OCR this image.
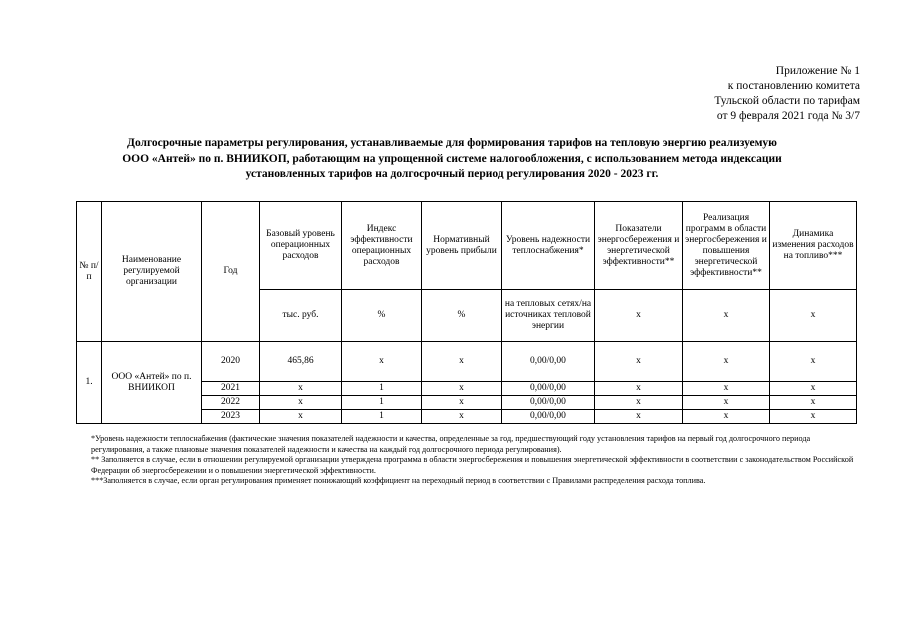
Приложение № 1
к постановлению комитета
Тульской области по тарифам
от 9 февраля 2021 года № 3/7
Долгосрочные параметры регулирования, устанавливаемые для формирования тарифов на тепловую энергию реализуемую
ООО «Антей» по п. ВНИИКОП, работающим на упрощенной системе налогообложения, с использованием метода индексации
установленных тарифов на долгосрочный период регулирования 2020 - 2023 гг.
№ п/п	Наименование регулируемой организации	Год	Базовый уровень операционных расходов	Индекс эффективности операционных расходов	Нормативный уровень прибыли	Уровень надежности теплоснабжения*	Показатели энергосбережения и энергетической эффективности**	Реализация программ в области энергосбережения и повышения энергетической эффективности**	Динамика изменения расходов на топливо***
			тыс. руб.	%	%	на тепловых сетях/на источниках тепловой энергии	х	х	х
1.	ООО «Антей» по п. ВНИИКОП	2020	465,86	х	х	0,00/0,00	х	х	х
		2021	х	1	х	0,00/0,00	х	х	х
		2022	х	1	х	0,00/0,00	х	х	х
		2023	х	1	х	0,00/0,00	х	х	х

*Уровень надежности теплоснабжения (фактические значения показателей надежности и качества, определенные за год, предшествующий году установления тарифов на первый год долгосрочного периода регулирования, а также плановые значения показателей надежности и качества на каждый год долгосрочного периода регулирования).

** Заполняется в случае, если в отношении регулируемой организации утверждена программа в области энергосбережения и повышения энергетической эффективности в соответствии с законодательством Российской Федерации об энергосбережении и о повышении энергетической эффективности.

***Заполняется в случае, если орган регулирования применяет понижающий коэффициент на переходный период в соответствии с Правилами распределения расхода топлива.
